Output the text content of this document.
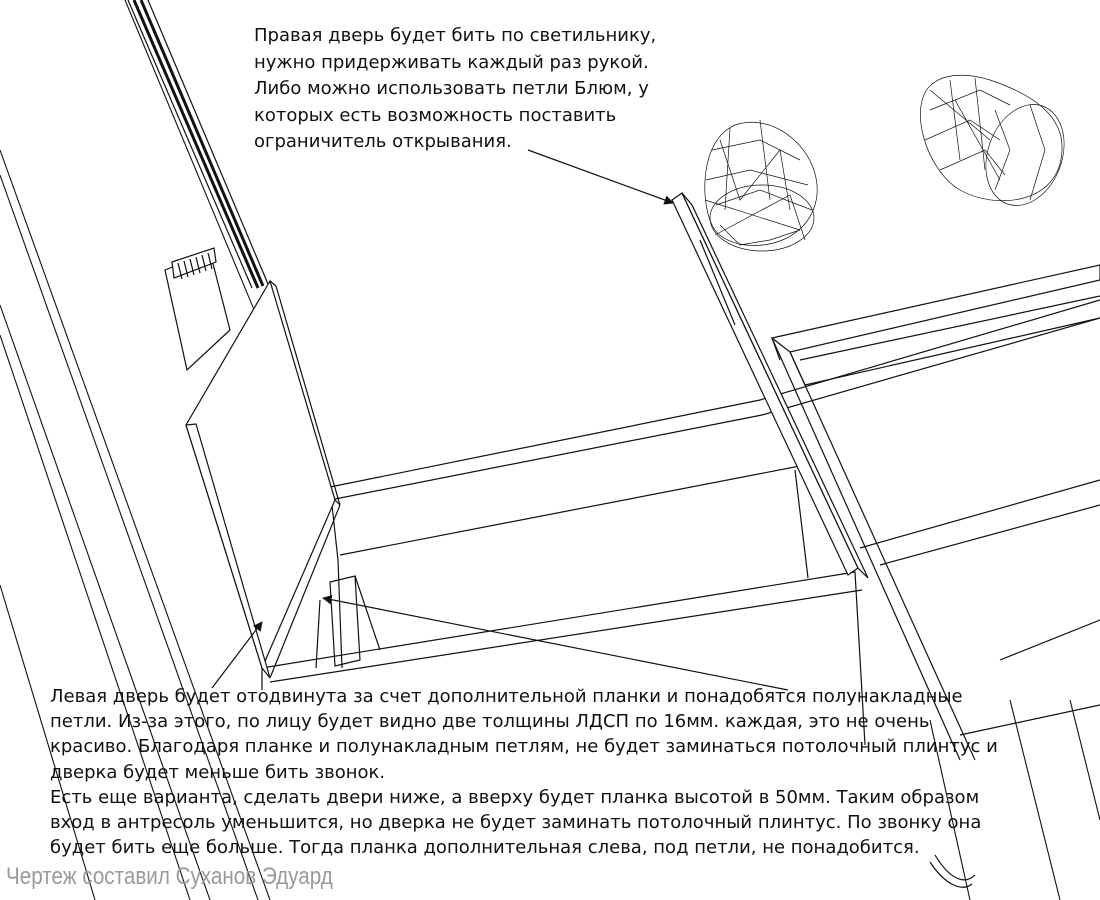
Правая дверь будет бить по светильнику,
нужно придерживать каждый раз рукой.
Либо можно использовать петли Блюм, у
которых есть возможность поставить
ограничитель открывания.

Левая дверь будет отодвинута за счет дополнительной планки и понадобятся полунакладные
петли. Из-за этого, по лицу будет видно две толщины ЛДСП по 16мм. каждая, это не очень
красиво. Благодаря планке и полунакладным петлям, не будет заминаться потолочный плинтус и
дверка будет меньше бить звонок.
Есть еще варианта, сделать двери ниже, а вверху будет планка высотой в 50мм. Таким образом
вход в антресоль уменьшится, но дверка не будет заминать потолочный плинтус. По звонку она
будет бить еще больше. Тогда планка дополнительная слева, под петли, не понадобится.

Чертеж составил Суханов Эдуард
